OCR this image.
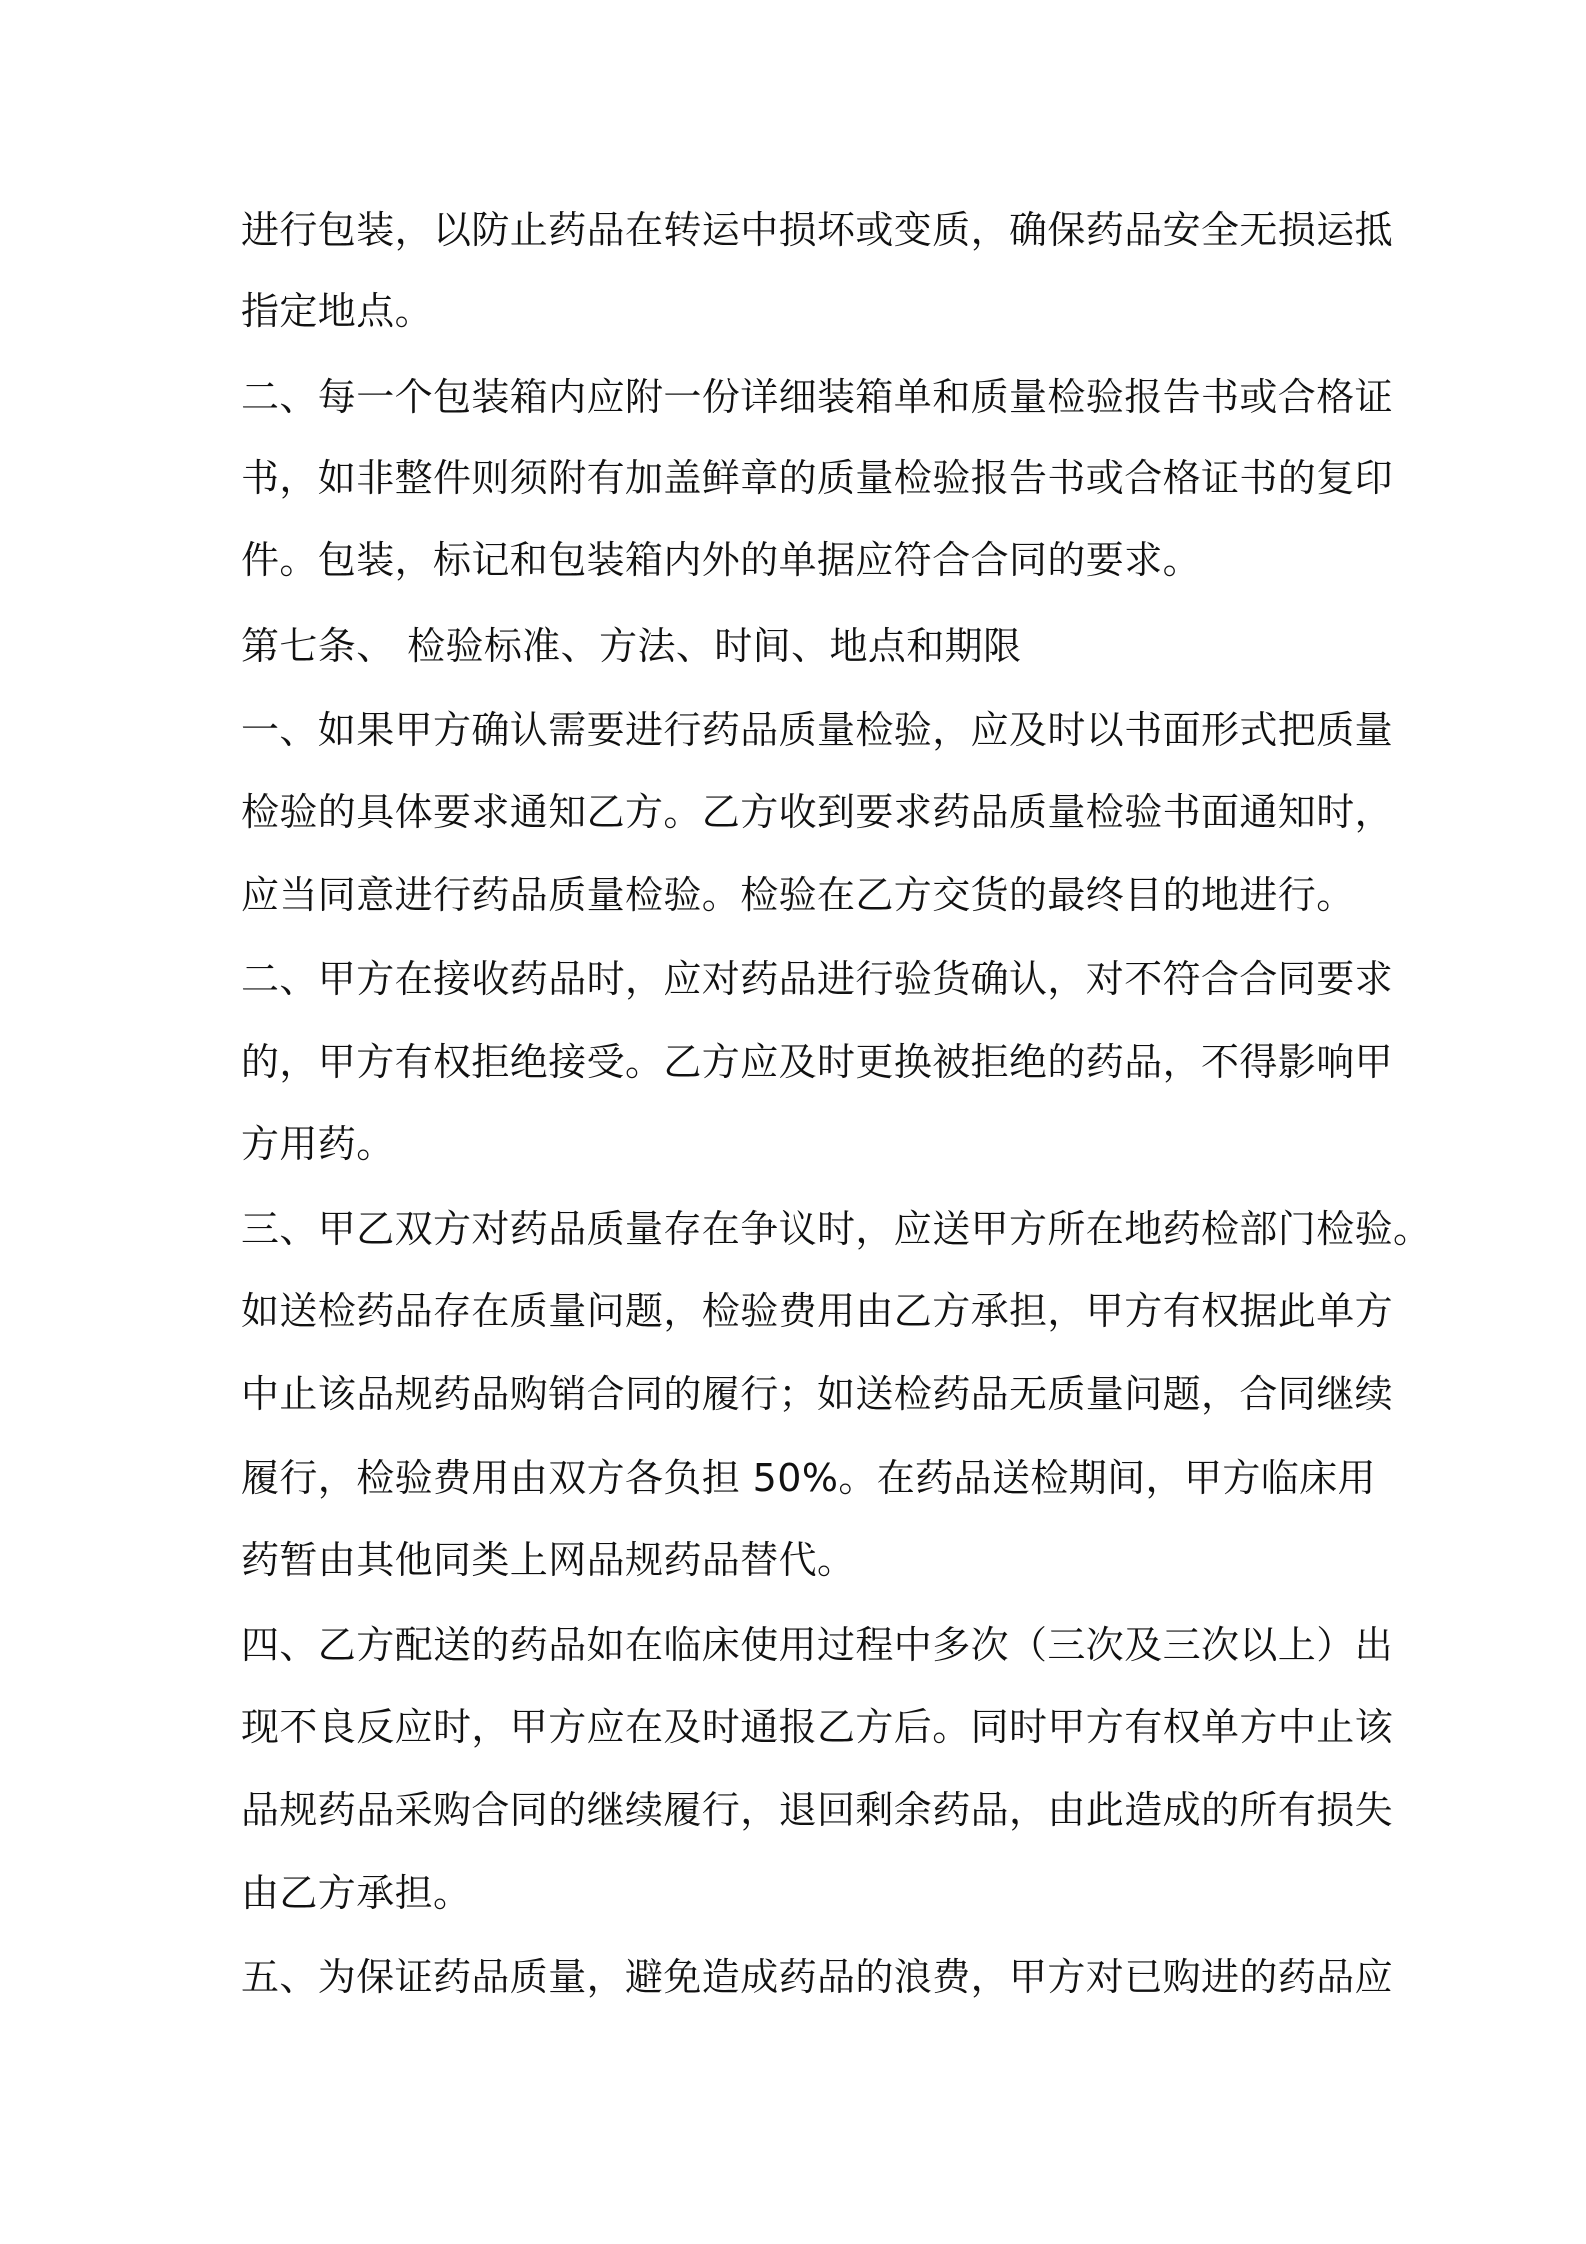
进行包装，以防止药品在转运中损坏或变质，确保药品安全无损运抵
指定地点。
二、每一个包装箱内应附一份详细装箱单和质量检验报告书或合格证
书，如非整件则须附有加盖鲜章的质量检验报告书或合格证书的复印
件。包装，标记和包装箱内外的单据应符合合同的要求。
第七条、 检验标准、方法、时间、地点和期限
一、如果甲方确认需要进行药品质量检验，应及时以书面形式把质量
检验的具体要求通知乙方。乙方收到要求药品质量检验书面通知时，
应当同意进行药品质量检验。检验在乙方交货的最终目的地进行。
二、甲方在接收药品时，应对药品进行验货确认，对不符合合同要求
的，甲方有权拒绝接受。乙方应及时更换被拒绝的药品，不得影响甲
方用药。
三、甲乙双方对药品质量存在争议时，应送甲方所在地药检部门检验。
如送检药品存在质量问题，检验费用由乙方承担，甲方有权据此单方
中止该品规药品购销合同的履行；如送检药品无质量问题，合同继续
履行，检验费用由双方各负担 50%。在药品送检期间，甲方临床用
药暂由其他同类上网品规药品替代。
四、乙方配送的药品如在临床使用过程中多次（三次及三次以上）出
现不良反应时，甲方应在及时通报乙方后。同时甲方有权单方中止该
品规药品采购合同的继续履行，退回剩余药品，由此造成的所有损失
由乙方承担。
五、为保证药品质量，避免造成药品的浪费，甲方对已购进的药品应
